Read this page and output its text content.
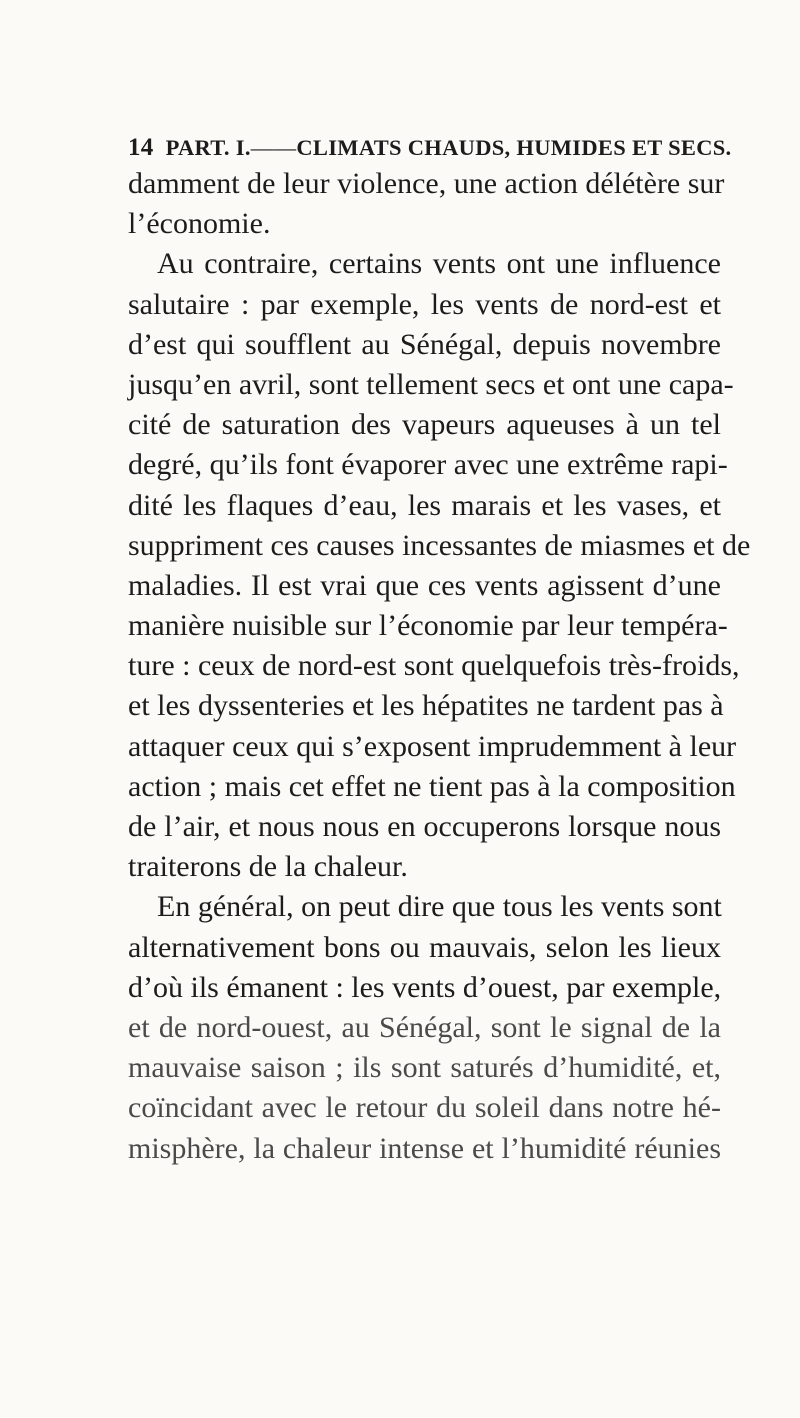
14 PART. I.——CLIMATS CHAUDS, HUMIDES ET SECS.
damment de leur violence, une action délétère sur
l’économie.
Au contraire, certains vents ont une influence
salutaire : par exemple, les vents de nord-est et
d’est qui soufflent au Sénégal, depuis novembre
jusqu’en avril, sont tellement secs et ont une capa-
cité de saturation des vapeurs aqueuses à un tel
degré, qu’ils font évaporer avec une extrême rapi-
dité les flaques d’eau, les marais et les vases, et
suppriment ces causes incessantes de miasmes et de
maladies. Il est vrai que ces vents agissent d’une
manière nuisible sur l’économie par leur tempéra-
ture : ceux de nord-est sont quelquefois très-froids,
et les dyssenteries et les hépatites ne tardent pas à
attaquer ceux qui s’exposent imprudemment à leur
action ; mais cet effet ne tient pas à la composition
de l’air, et nous nous en occuperons lorsque nous
traiterons de la chaleur.
En général, on peut dire que tous les vents sont
alternativement bons ou mauvais, selon les lieux
d’où ils émanent : les vents d’ouest, par exemple,
et de nord-ouest, au Sénégal, sont le signal de la
mauvaise saison ; ils sont saturés d’humidité, et,
coïncidant avec le retour du soleil dans notre hé-
misphère, la chaleur intense et l’humidité réunies
